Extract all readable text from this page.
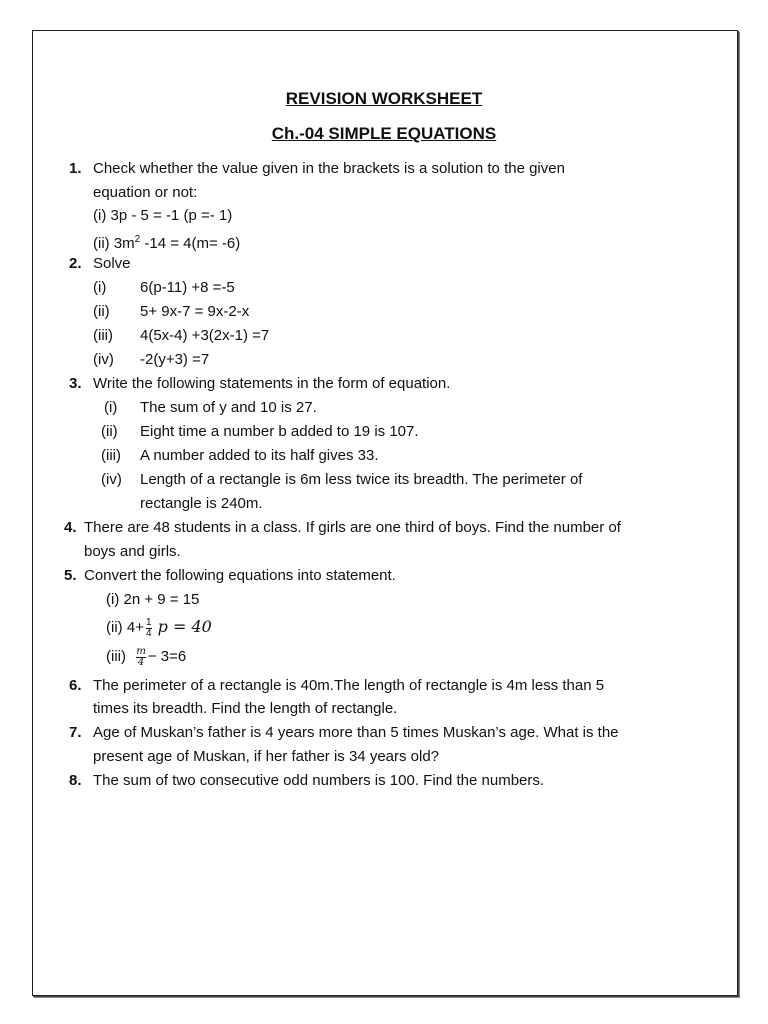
REVISION WORKSHEET
Ch.-04 SIMPLE EQUATIONS
1. Check whether the value given in the brackets is a solution to the given
equation or not:
(i) 3p - 5 = -1 (p =- 1)
(ii) $3m^2$ -14 = 4(m= -6)
2. Solve
(i) 6(p-11) +8 =-5
(ii) 5+ 9x-7 = 9x-2-x
(iii) 4(5x-4) +3(2x-1) =7
(iv) -2(y+3) =7
3. Write the following statements in the form of equation.
(i) The sum of y and 10 is 27.
(ii) Eight time a number b added to 19 is 107.
(iii) A number added to its half gives 33.
(iv) Length of a rectangle is 6m less twice its breadth. The perimeter of
rectangle is 240m.
4. There are 48 students in a class. If girls are one third of boys. Find the number of
boys and girls.
5. Convert the following equations into statement.
(i) 2n + 9 = 15
(ii) $4+ \frac{1}{4}$ p = 40
$(iii) \frac{m}{4} - 3=6$
6. The perimeter of a rectangle is 40m.The length of rectangle is 4m less than 5
times its breadth. Find the length of rectangle.
7. Age of Muskan’s father is 4 years more than 5 times Muskan’s age. What is the
present age of Muskan, if her father is 34 years old?
8. The sum of two consecutive odd numbers is 100. Find the numbers.
